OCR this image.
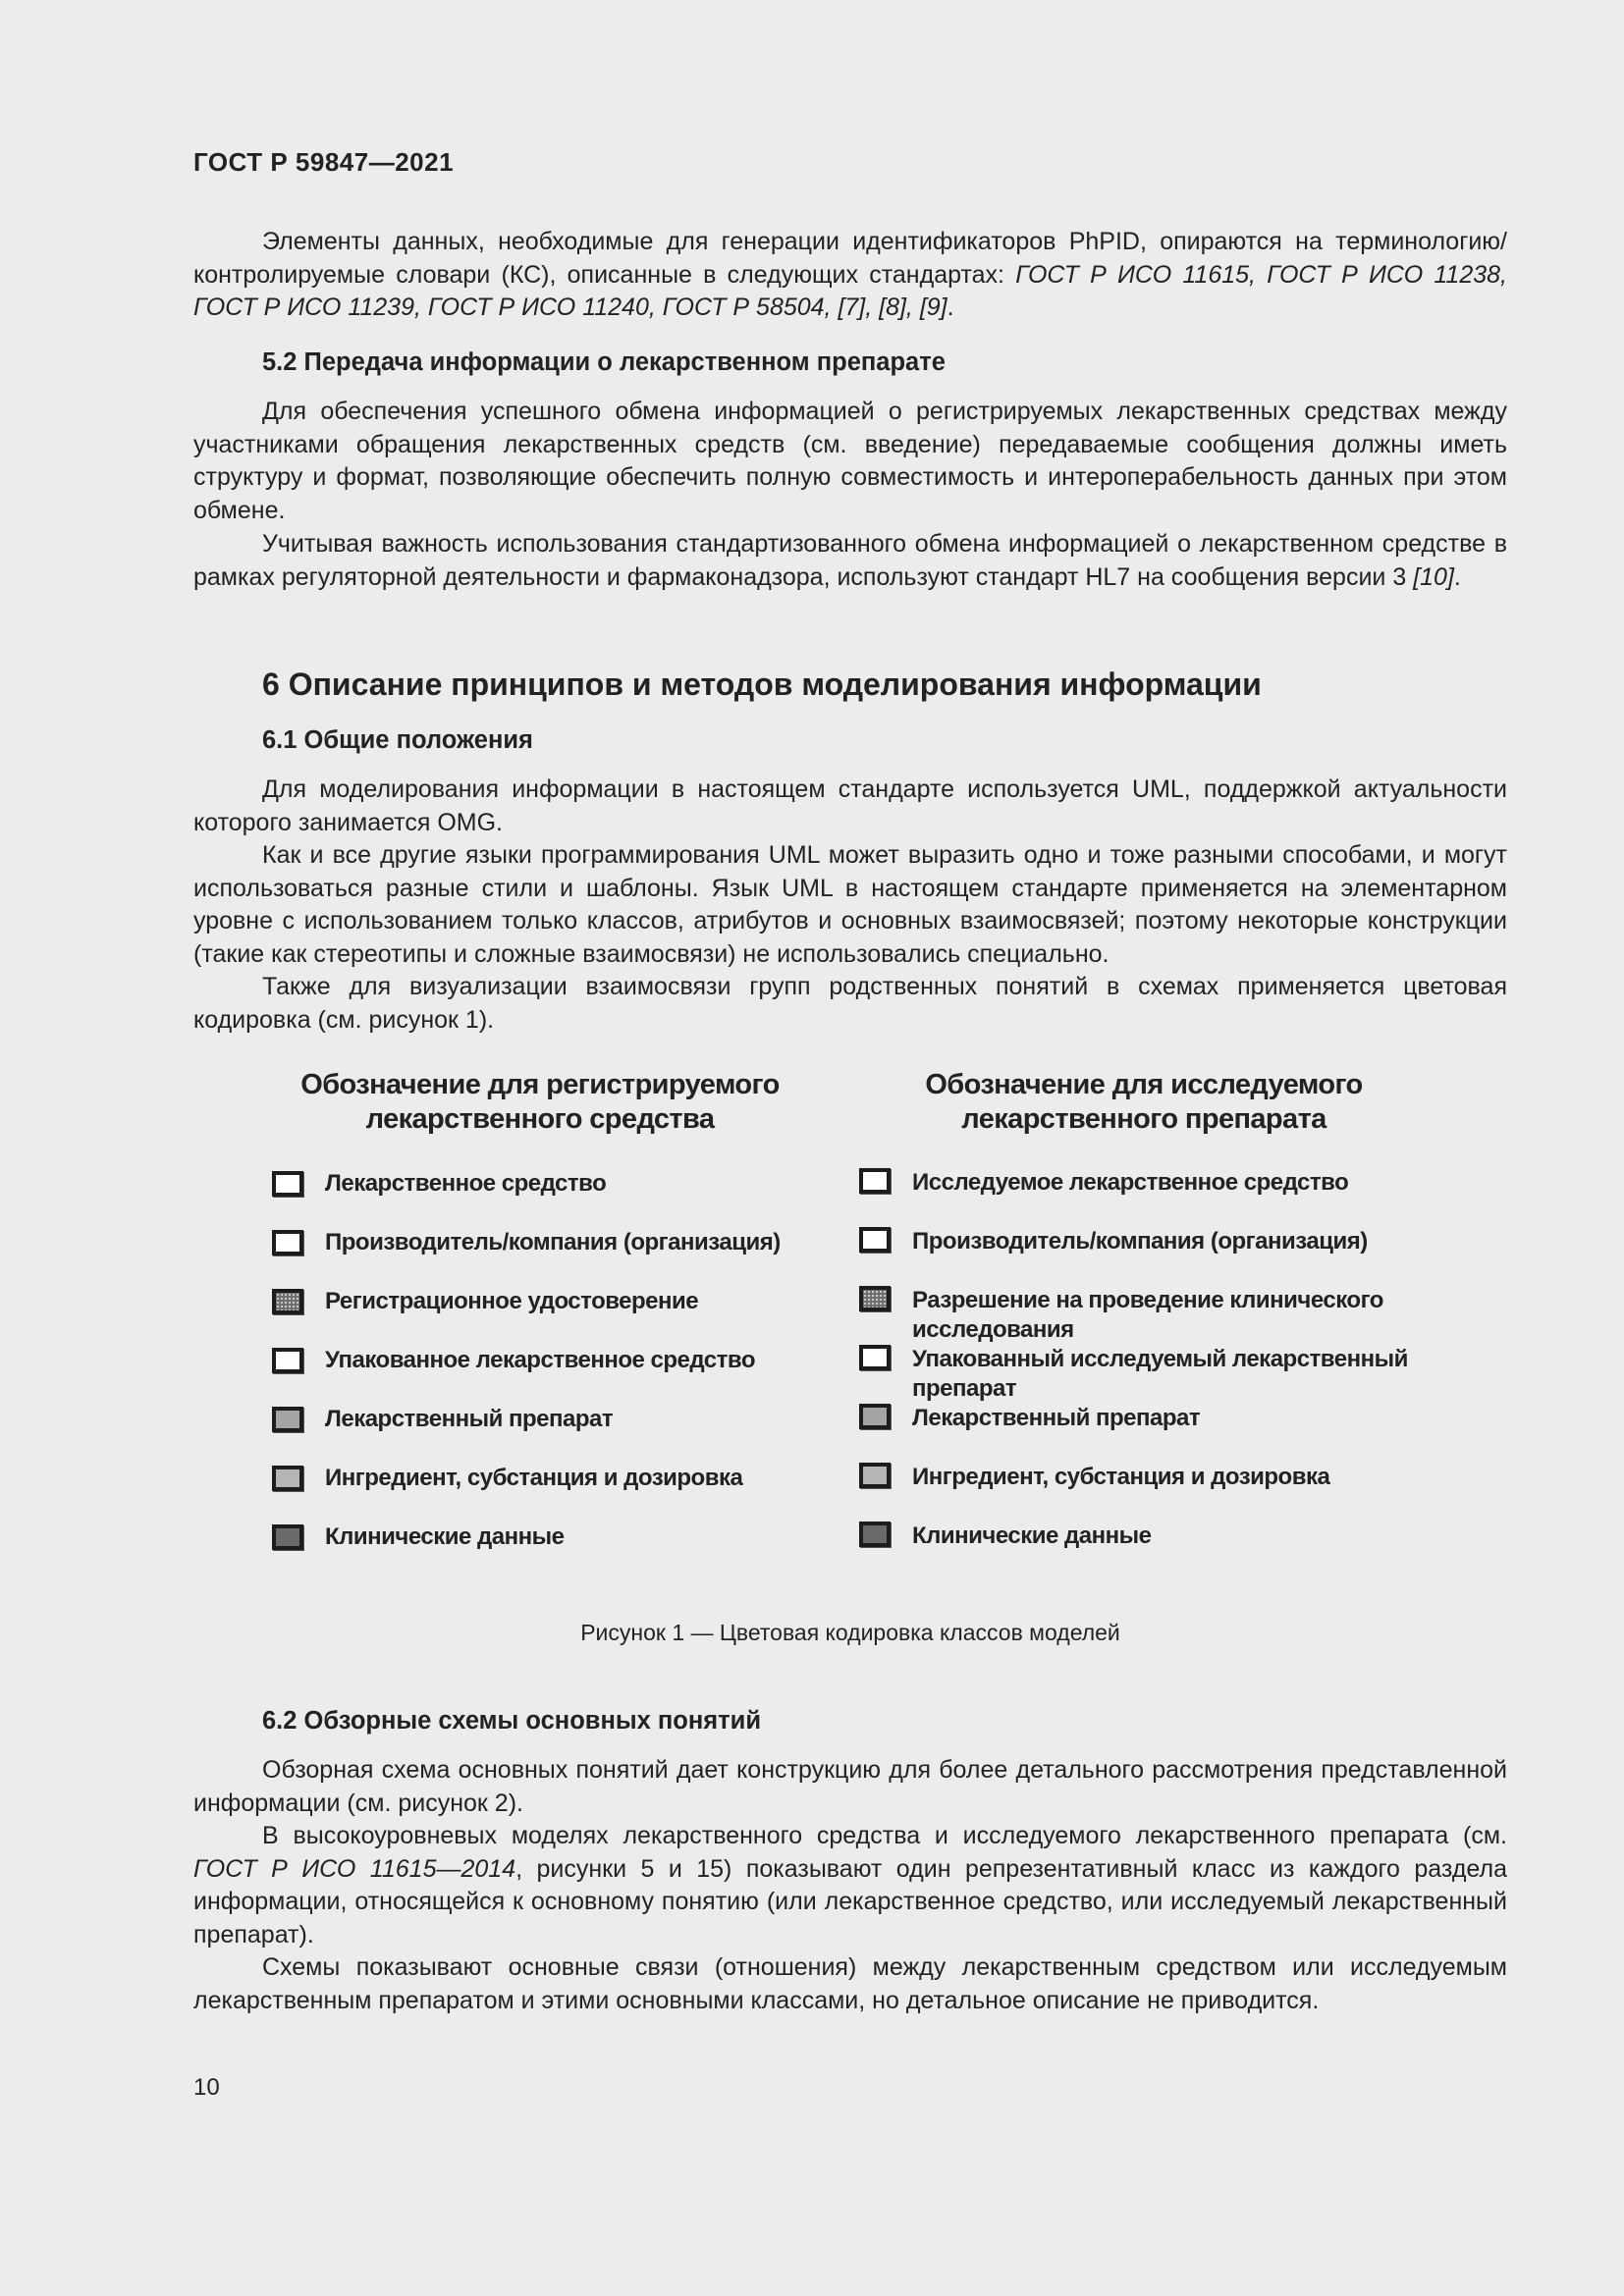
ГОСТ Р 59847—2021

Элементы данных, необходимые для генерации идентификаторов PhPID, опираются на терминологию/контролируемые словари (КС), описанные в следующих стандартах: ГОСТ Р ИСО 11615, ГОСТ Р ИСО 11238, ГОСТ Р ИСО 11239, ГОСТ Р ИСО 11240, ГОСТ Р 58504, [7], [8], [9].

5.2 Передача информации о лекарственном препарате

Для обеспечения успешного обмена информацией о регистрируемых лекарственных средствах между участниками обращения лекарственных средств (см. введение) передаваемые сообщения должны иметь структуру и формат, позволяющие обеспечить полную совместимость и интероперабельность данных при этом обмене.

Учитывая важность использования стандартизованного обмена информацией о лекарственном средстве в рамках регуляторной деятельности и фармаконадзора, используют стандарт HL7 на сообщения версии 3 [10].

6 Описание принципов и методов моделирования информации
6.1 Общие положения

Для моделирования информации в настоящем стандарте используется UML, поддержкой актуальности которого занимается OMG.

Как и все другие языки программирования UML может выразить одно и тоже разными способами, и могут использоваться разные стили и шаблоны. Язык UML в настоящем стандарте применяется на элементарном уровне с использованием только классов, атрибутов и основных взаимосвязей; поэтому некоторые конструкции (такие как стереотипы и сложные взаимосвязи) не использовались специально.

Также для визуализации взаимосвязи групп родственных понятий в схемах применяется цветовая кодировка (см. рисунок 1).

Обозначение для регистрируемого лекарственного средства
Обозначение для исследуемого лекарственного препарата
Лекарственное средство
Производитель/компания (организация)
Регистрационное удостоверение
Упакованное лекарственное средство
Лекарственный препарат
Ингредиент, субстанция и дозировка
Клинические данные
Исследуемое лекарственное средство
Производитель/компания (организация)
Разрешение на проведение клинического исследования
Упакованный исследуемый лекарственный препарат
Лекарственный препарат
Ингредиент, субстанция и дозировка
Клинические данные
Рисунок 1 — Цветовая кодировка классов моделей
6.2 Обзорные схемы основных понятий

Обзорная схема основных понятий дает конструкцию для более детального рассмотрения представленной информации (см. рисунок 2).

В высокоуровневых моделях лекарственного средства и исследуемого лекарственного препарата (см. ГОСТ Р ИСО 11615—2014, рисунки 5 и 15) показывают один репрезентативный класс из каждого раздела информации, относящейся к основному понятию (или лекарственное средство, или исследуемый лекарственный препарат).

Схемы показывают основные связи (отношения) между лекарственным средством или исследуемым лекарственным препаратом и этими основными классами, но детальное описание не приводится.

10
